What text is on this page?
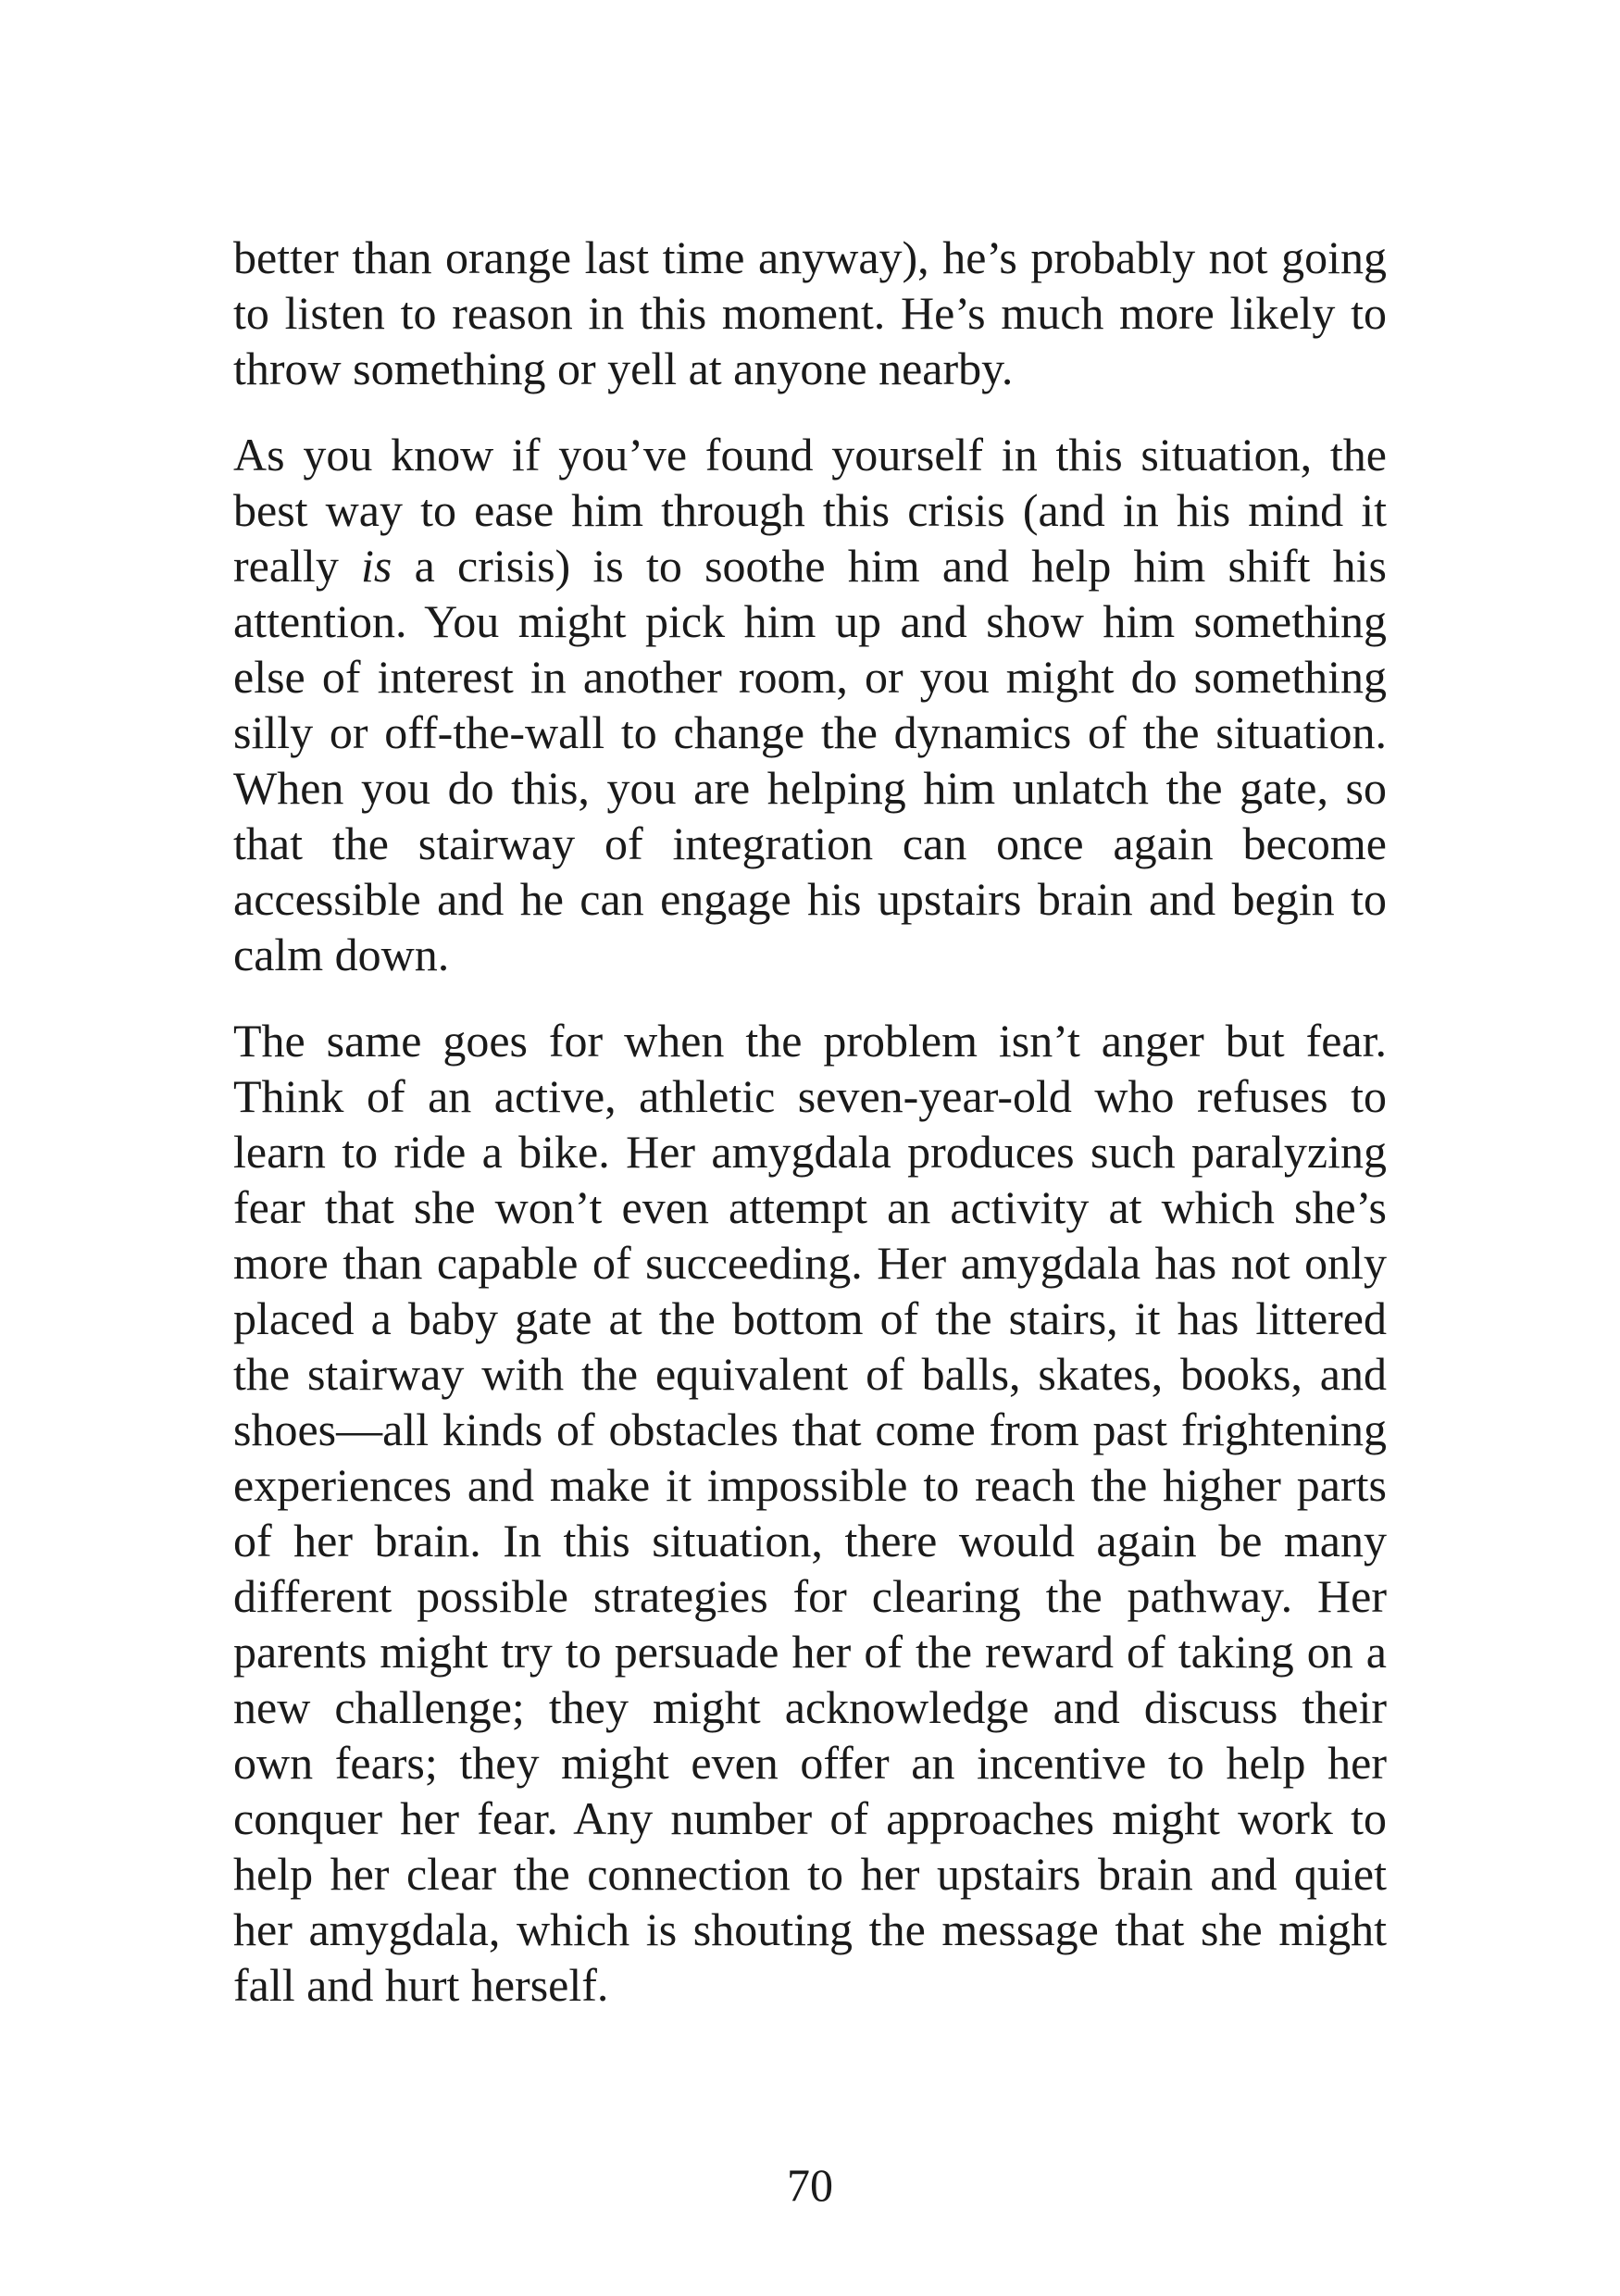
better than orange last time anyway), he’s probably not going to listen to reason in this moment. He’s much more likely to throw something or yell at anyone nearby.

As you know if you’ve found yourself in this situation, the best way to ease him through this crisis (and in his mind it really is a crisis) is to soothe him and help him shift his attention. You might pick him up and show him something else of interest in another room, or you might do something silly or off-the-wall to change the dynamics of the situation. When you do this, you are helping him unlatch the gate, so that the stairway of integration can once again become accessible and he can engage his upstairs brain and begin to calm down.

The same goes for when the problem isn’t anger but fear. Think of an active, athletic seven-year-old who refuses to learn to ride a bike. Her amygdala produces such paralyzing fear that she won’t even attempt an activity at which she’s more than capable of succeeding. Her amygdala has not only placed a baby gate at the bottom of the stairs, it has littered the stairway with the equivalent of balls, skates, books, and shoes—all kinds of obstacles that come from past frightening experiences and make it impossible to reach the higher parts of her brain. In this situation, there would again be many different possible strategies for clearing the pathway. Her parents might try to persuade her of the reward of taking on a new challenge; they might acknowledge and discuss their own fears; they might even offer an incentive to help her conquer her fear. Any number of approaches might work to help her clear the connection to her upstairs brain and quiet her amygdala, which is shouting the message that she might fall and hurt herself.

70
